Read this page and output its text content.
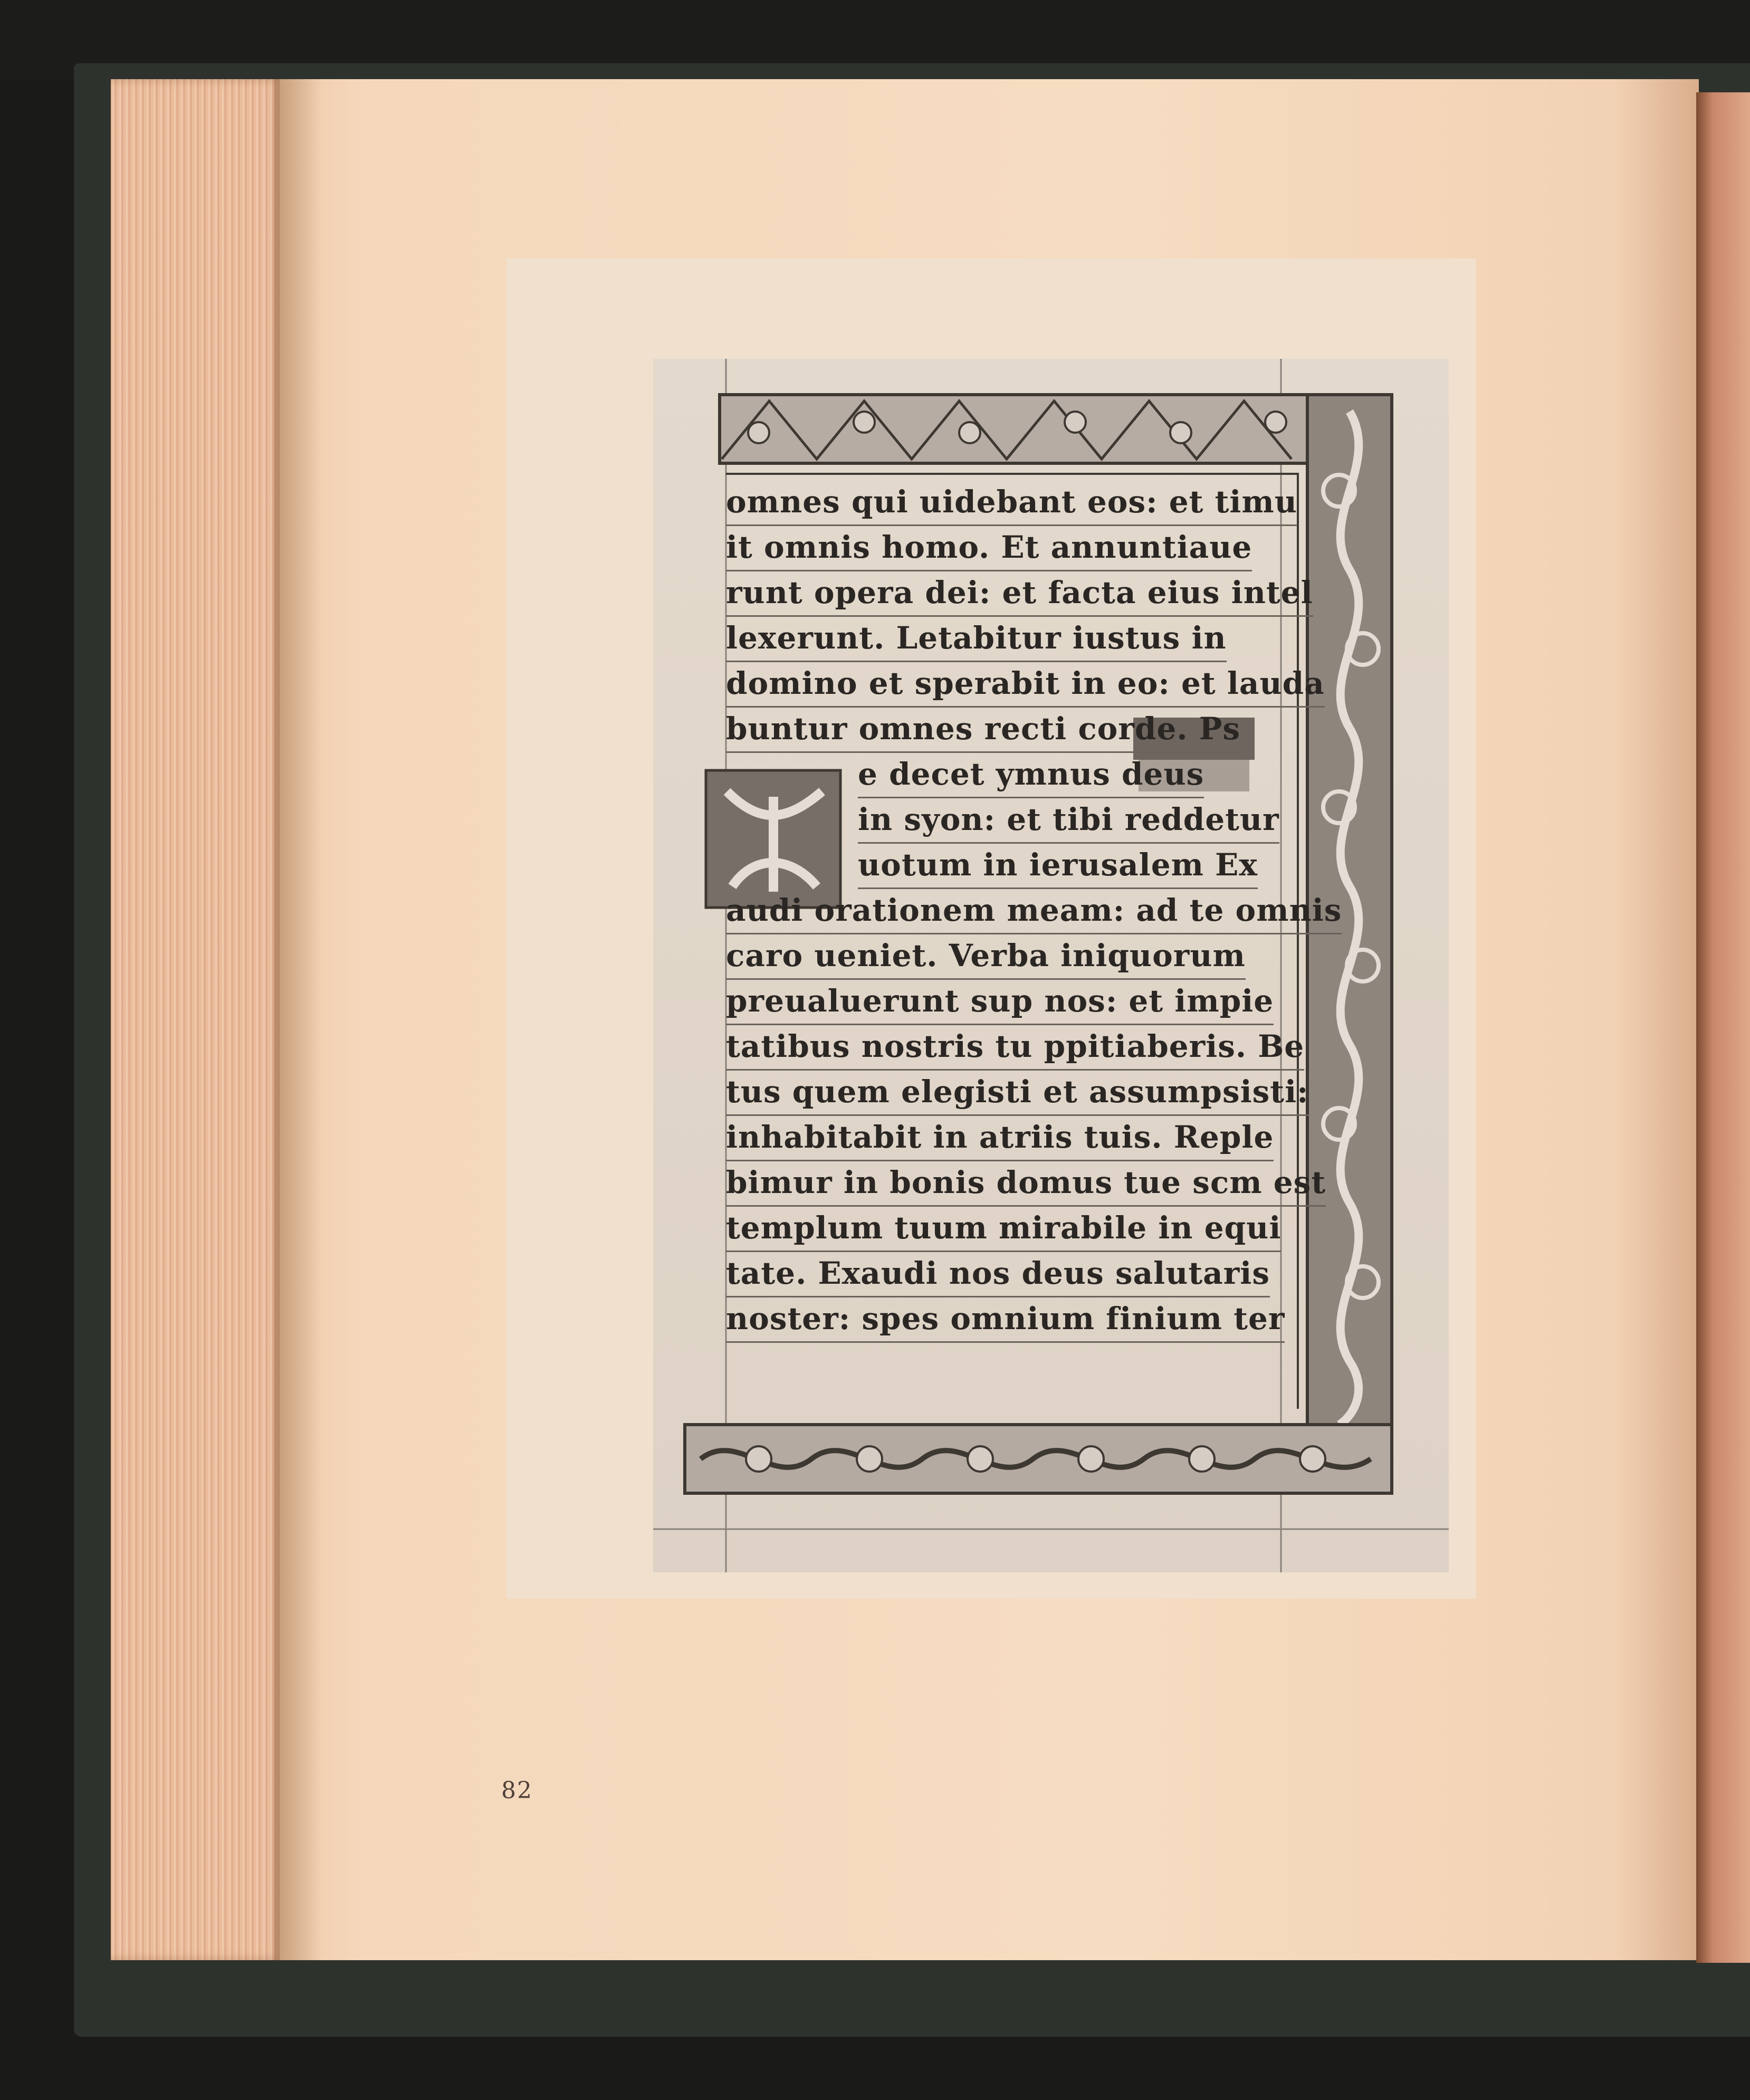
omnes qui uidebant eos: et timu
it omnis homo. Et annuntiaue
runt opera dei: et facta eius intel
lexerunt. Letabitur iustus in
domino et sperabit in eo: et lauda
buntur omnes recti corde. Ps
e decet ymnus deus
in syon: et tibi reddetur
uotum in ierusalem Ex
audi orationem meam: ad te omnis
caro ueniet. Verba iniquorum
preualuerunt sup nos: et impie
tatibus nostris tu ppitiaberis. Be
tus quem elegisti et assumpsisti:
inhabitabit in atriis tuis. Reple
bimur in bonis domus tue scm est
templum tuum mirabile in equi
tate. Exaudi nos deus salutaris
noster: spes omnium finium ter
82
